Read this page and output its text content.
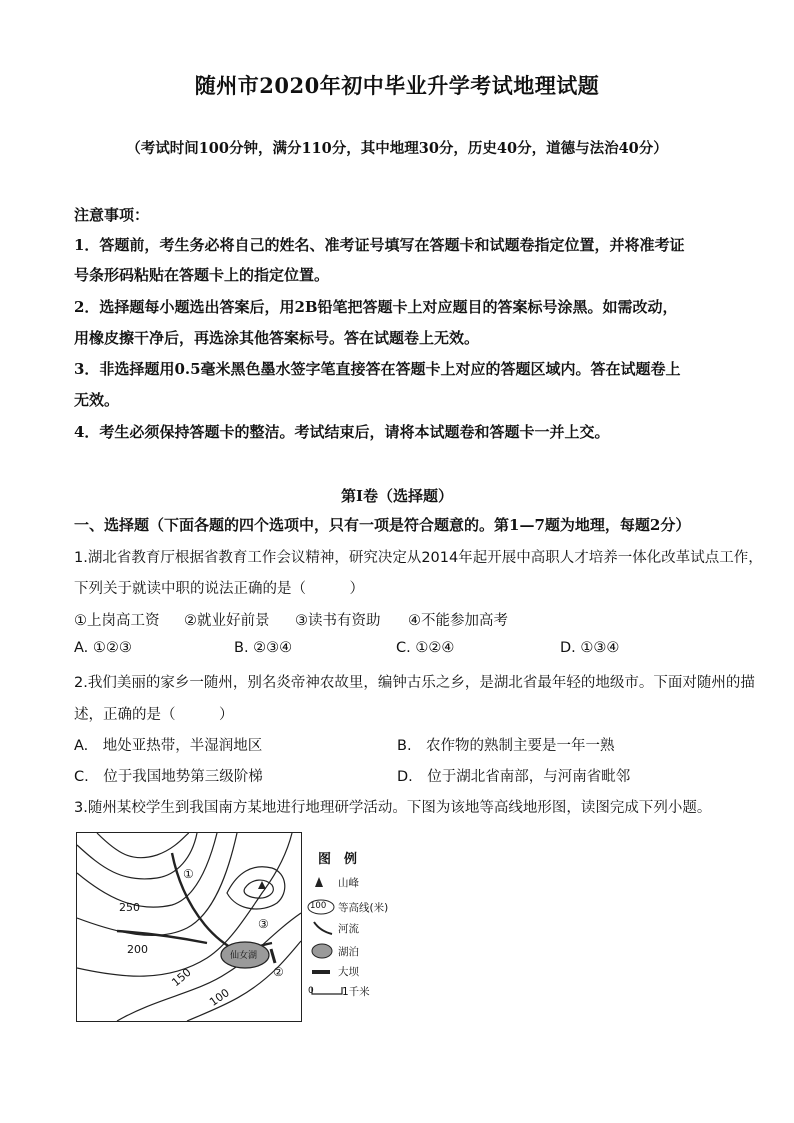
随州市2020年初中毕业升学考试地理试题
（考试时间100分钟，满分110分，其中地理30分，历史40分，道德与法治40分）
注意事项：
1．答题前，考生务必将自己的姓名、准考证号填写在答题卡和试题卷指定位置，并将准考证
号条形码粘贴在答题卡上的指定位置。
2．选择题每小题选出答案后，用2B铅笔把答题卡上对应题目的答案标号涂黑。如需改动，
用橡皮擦干净后，再选涂其他答案标号。答在试题卷上无效。
3．非选择题用0.5毫米黑色墨水签字笔直接答在答题卡上对应的答题区域内。答在试题卷上
无效。
4．考生必须保持答题卡的整洁。考试结束后，请将本试题卷和答题卡一并上交。
第Ⅰ卷（选择题）
一、选择题（下面各题的四个选项中，只有一项是符合题意的。第1—7题为地理，每题2分）
1.湖北省教育厅根据省教育工作会议精神，研究决定从2014年起开展中高职人才培养一体化改革试点工作，
下列关于就读中职的说法正确的是（　　　）
①上岗高工资 ②就业好前景 ③读书有资助 ④不能参加高考
A. ①②③	B. ②③④	C. ①②④	D. ①③④
2.我们美丽的家乡一随州，别名炎帝神农故里，编钟古乐之乡，是湖北省最年轻的地级市。下面对随州的描
述，正确的是（　　　）
A.　地处亚热带，半湿润地区	B.　农作物的熟制主要是一年一熟
C.　位于我国地势第三级阶梯	D.　位于湖北省南部，与河南省毗邻
3.随州某校学生到我国南方某地进行地理研学活动。下图为该地等高线地形图，读图完成下列小题。
250
200
150
100
仙女湖
①
②
③
图　例
山峰
100 等高线(米)
河流
湖泊
大坝
0	1千米
